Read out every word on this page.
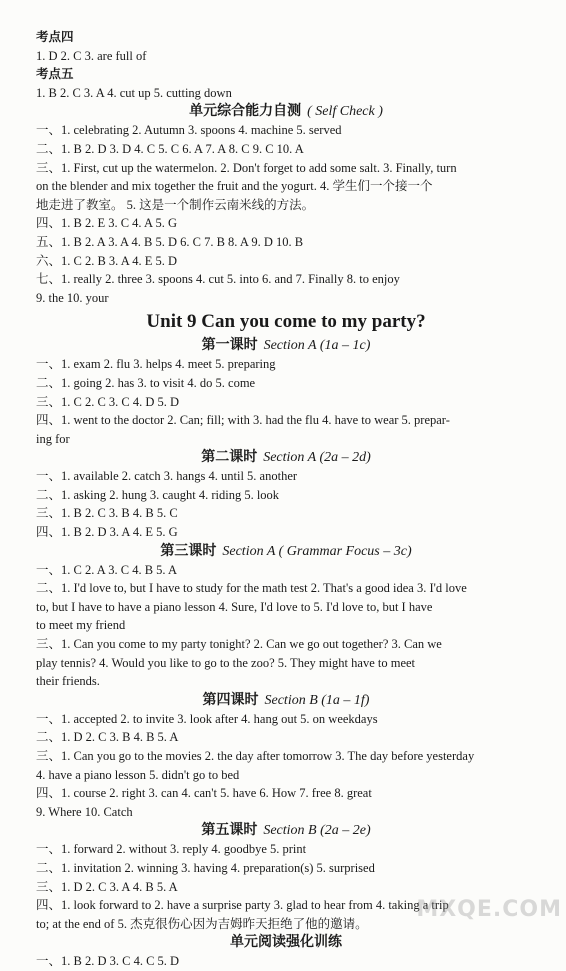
考点四
1. D 2. C 3. are full of
考点五
1. B 2. C 3. A 4. cut up 5. cutting down
单元综合能力自测 ( Self Check )
一、1. celebrating 2. Autumn 3. spoons 4. machine 5. served
二、1. B 2. D 3. D 4. C 5. C 6. A 7. A 8. C 9. C 10. A
三、1. First, cut up the watermelon. 2. Don't forget to add some salt. 3. Finally, turn
on the blender and mix together the fruit and the yogurt. 4. 学生们一个接一个
地走进了教室。 5. 这是一个制作云南米线的方法。
四、1. B 2. E 3. C 4. A 5. G
五、1. B 2. A 3. A 4. B 5. D 6. C 7. B 8. A 9. D 10. B
六、1. C 2. B 3. A 4. E 5. D
七、1. really 2. three 3. spoons 4. cut 5. into 6. and 7. Finally 8. to enjoy
9. the 10. your
Unit 9 Can you come to my party?
第一课时 Section A (1a – 1c)
一、1. exam 2. flu 3. helps 4. meet 5. preparing
二、1. going 2. has 3. to visit 4. do 5. come
三、1. C 2. C 3. C 4. D 5. D
四、1. went to the doctor 2. Can; fill; with 3. had the flu 4. have to wear 5. prepar-
ing for
第二课时 Section A (2a – 2d)
一、1. available 2. catch 3. hangs 4. until 5. another
二、1. asking 2. hung 3. caught 4. riding 5. look
三、1. B 2. C 3. B 4. B 5. C
四、1. B 2. D 3. A 4. E 5. G
第三课时 Section A ( Grammar Focus – 3c)
一、1. C 2. A 3. C 4. B 5. A
二、1. I'd love to, but I have to study for the math test 2. That's a good idea 3. I'd love
to, but I have to have a piano lesson 4. Sure, I'd love to 5. I'd love to, but I have
to meet my friend
三、1. Can you come to my party tonight? 2. Can we go out together? 3. Can we
play tennis? 4. Would you like to go to the zoo? 5. They might have to meet
their friends.
第四课时 Section B (1a – 1f)
一、1. accepted 2. to invite 3. look after 4. hang out 5. on weekdays
二、1. D 2. C 3. B 4. B 5. A
三、1. Can you go to the movies 2. the day after tomorrow 3. The day before yesterday
4. have a piano lesson 5. didn't go to bed
四、1. course 2. right 3. can 4. can't 5. have 6. How 7. free 8. great
9. Where 10. Catch
第五课时 Section B (2a – 2e)
一、1. forward 2. without 3. reply 4. goodbye 5. print
二、1. invitation 2. winning 3. having 4. preparation(s) 5. surprised
三、1. D 2. C 3. A 4. B 5. A
四、1. look forward to 2. have a surprise party 3. glad to hear from 4. taking a trip
to; at the end of 5. 杰克很伤心因为吉姆昨天拒绝了他的邀请。
单元阅读强化训练
一、1. B 2. D 3. C 4. C 5. D
MXQE.COM
